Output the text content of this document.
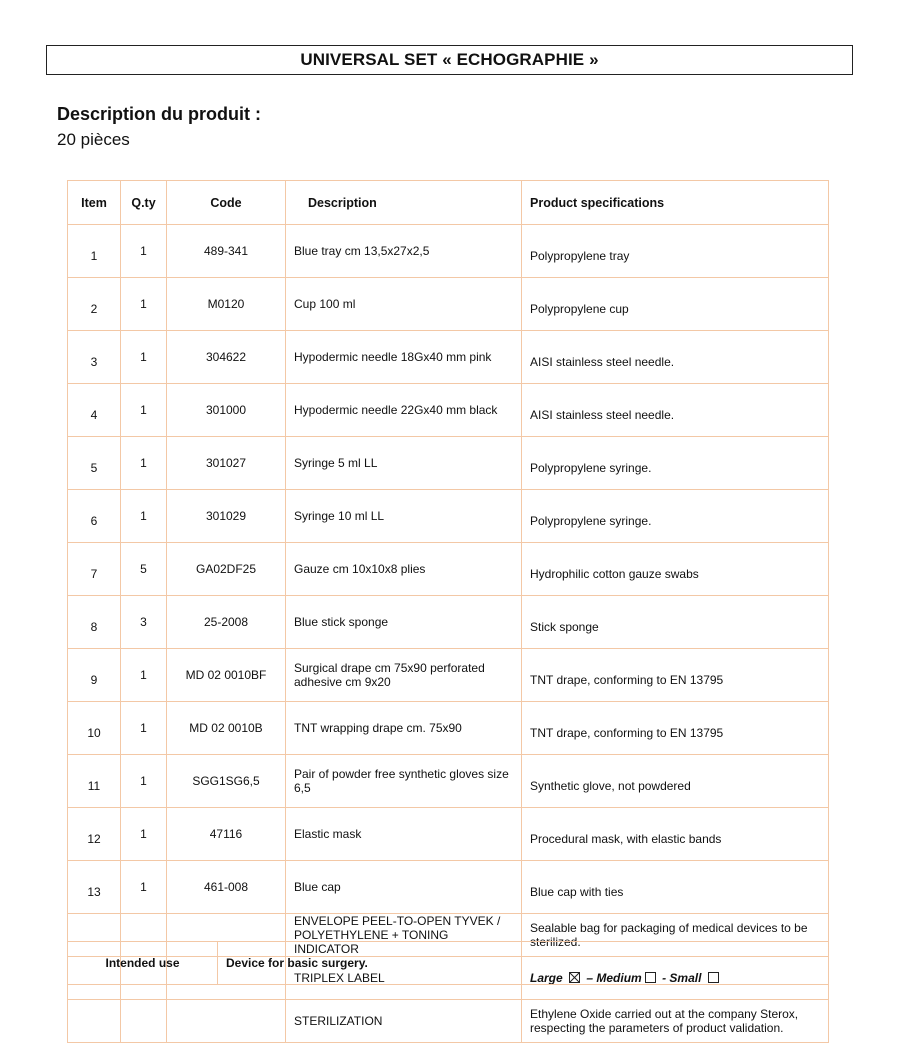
UNIVERSAL SET « ECHOGRAPHIE »
Description du produit :
20 pièces
Item	Q.ty	Code	Description	Product specifications
1	1	489-341	Blue tray cm 13,5x27x2,5	Polypropylene tray
2	1	M0120	Cup 100 ml	Polypropylene cup
3	1	304622	Hypodermic needle 18Gx40 mm pink	AISI stainless steel needle.
4	1	301000	Hypodermic needle 22Gx40 mm black	AISI stainless steel needle.
5	1	301027	Syringe 5 ml LL	Polypropylene syringe.
6	1	301029	Syringe 10 ml LL	Polypropylene syringe.
7	5	GA02DF25	Gauze cm 10x10x8 plies	Hydrophilic cotton gauze swabs
8	3	25-2008	Blue stick sponge	Stick sponge
9	1	MD 02 0010BF	Surgical drape cm 75x90 perforated adhesive cm 9x20	TNT drape, conforming to EN 13795
10	1	MD 02 0010B	TNT wrapping drape cm. 75x90	TNT drape, conforming to EN 13795
11	1	SGG1SG6,5	Pair of powder free synthetic gloves size 6,5	Synthetic glove, not powdered
12	1	47116	Elastic mask	Procedural mask, with elastic bands
13	1	461-008	Blue cap	Blue cap with ties
			ENVELOPE PEEL-TO-OPEN TYVEK / POLYETHYLENE + TONING INDICATOR	Sealable bag for packaging of medical devices to be sterilized.
			TRIPLEX LABEL	Large – Medium - Small
			STERILIZATION	Ethylene Oxide carried out at the company Sterox, respecting the parameters of product validation.
Intended use	Device for basic surgery.
